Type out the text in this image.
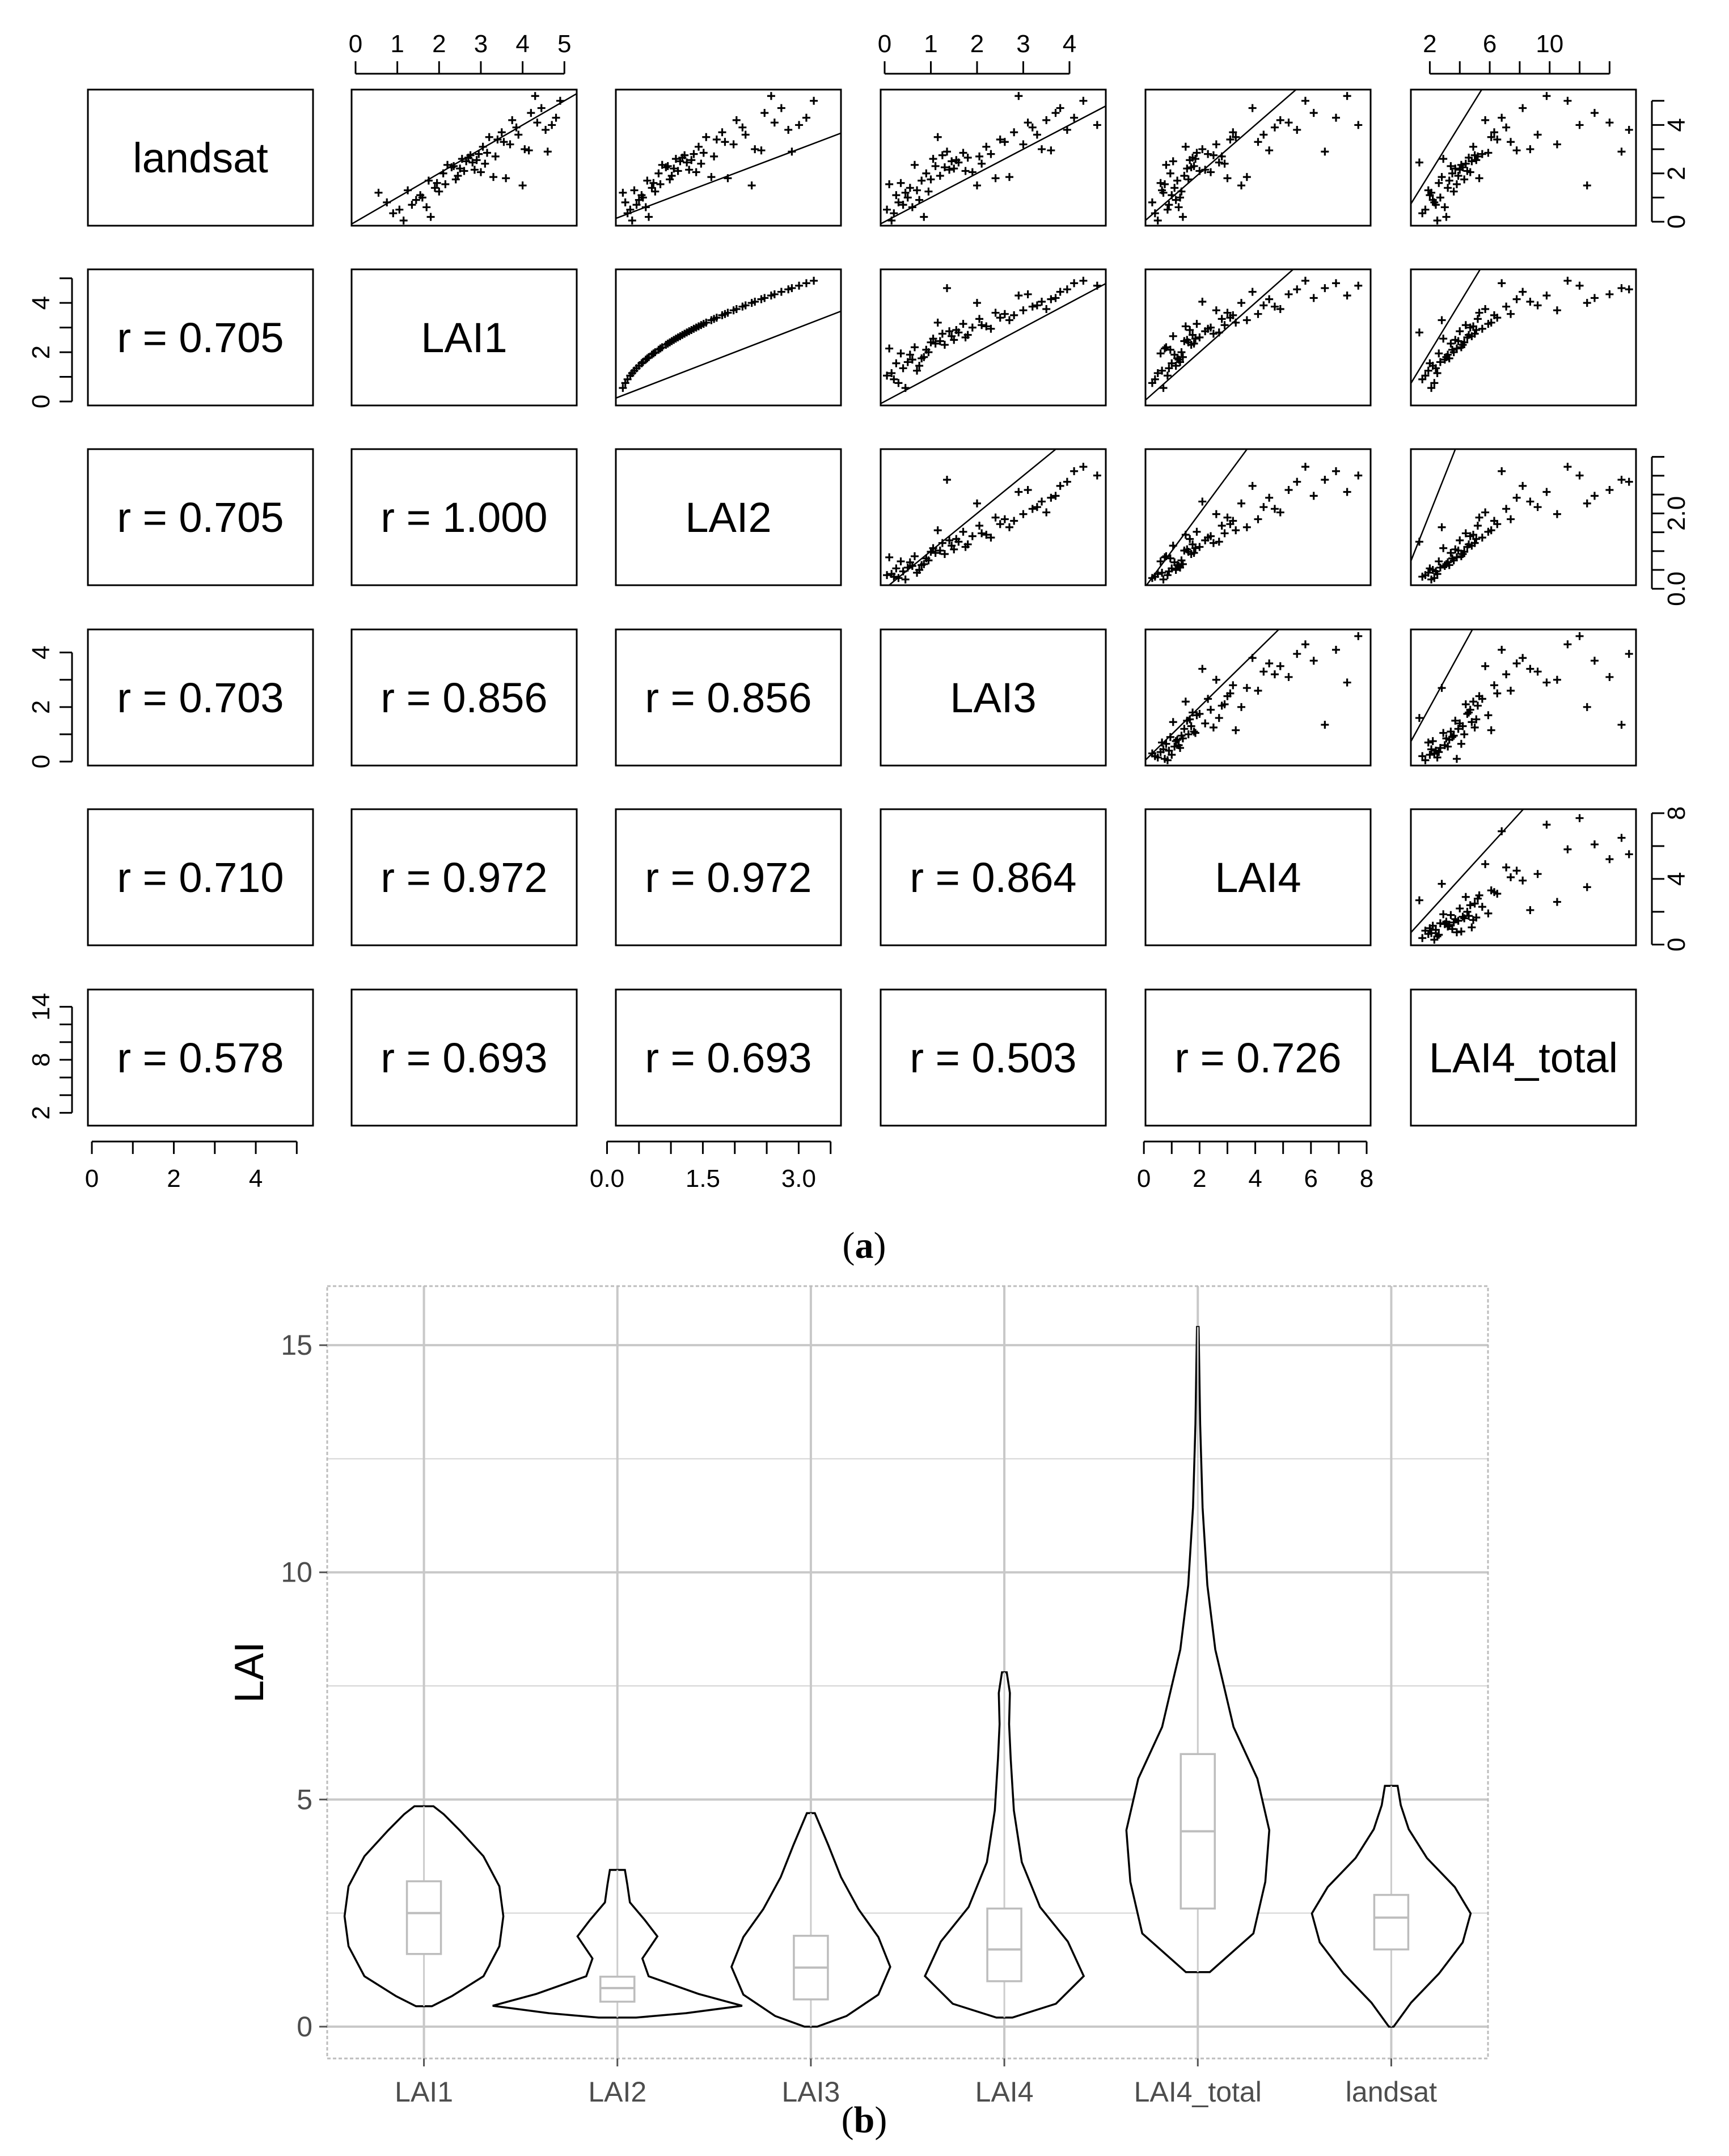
landsat
r = 0.705	LAI1
r = 0.705 r = 1.000	LAI2
r = 0.703 r = 0.856 r = 0.856	LAI3
r = 0.710 r = 0.972 r = 0.972 r = 0.864	LAI4
r = 0.578 r = 0.693 r = 0.693 r = 0.503 r = 0.726 LAI4_total
0 1 2 3 4 5	0 1 2 3 4	2 6 10
0	2	4	0.0 1.5 3.0	0 2 4 6 8
0
2
4
0
2
4
2
8
14
0
2
4
0.0
2.0
0
4
8
(a)
0
5
10
15
LAI
LAI1	LAI2	LAI3	LAI4	LAI4_total	landsat
(b)
